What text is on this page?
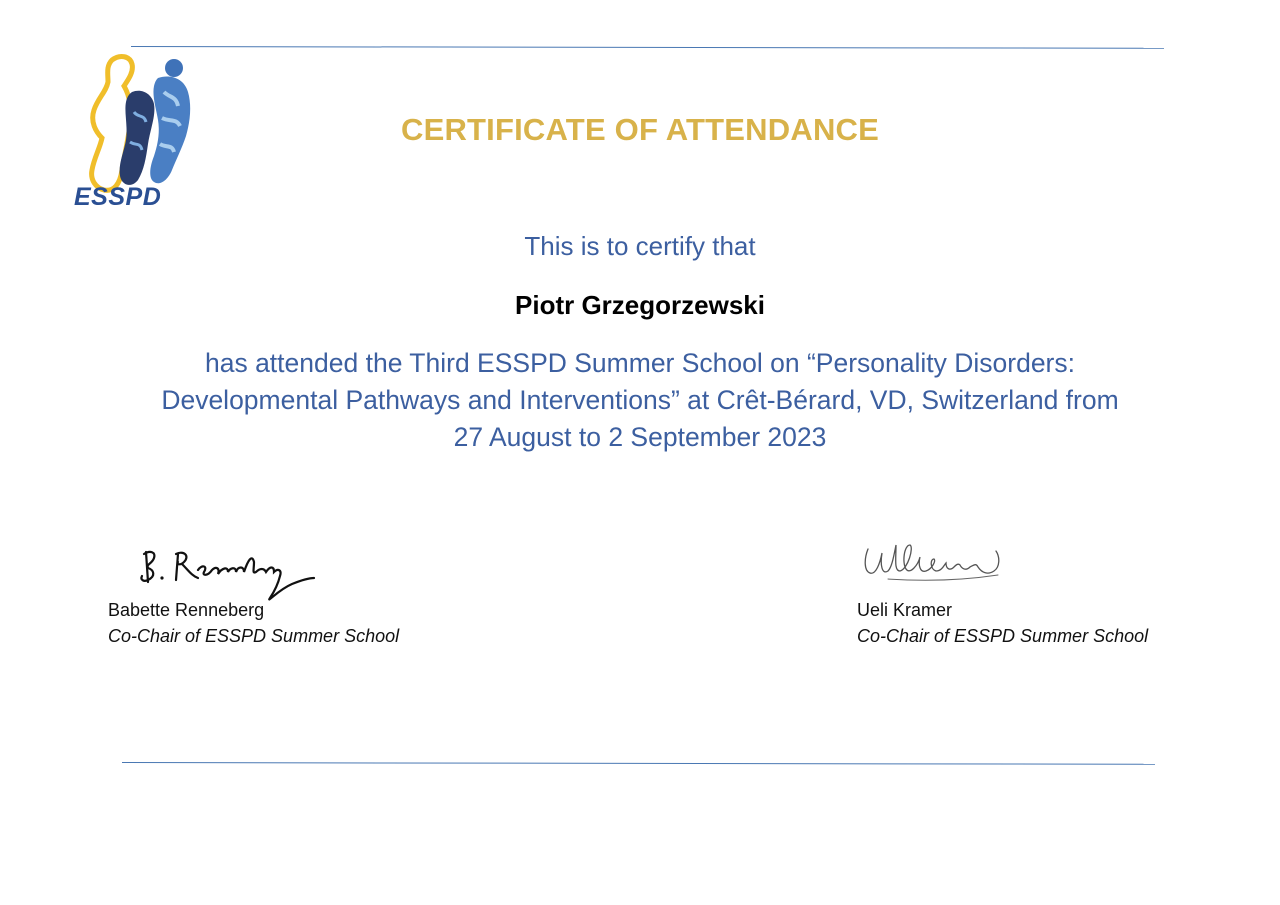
ESSPD
CERTIFICATE OF ATTENDANCE
This is to certify that
Piotr Grzegorzewski
has attended the Third ESSPD Summer School on “Personality Disorders:
Developmental Pathways and Interventions” at Crêt-Bérard, VD, Switzerland from
27 August to 2 September 2023
Babette Renneberg
Co-Chair of ESSPD Summer School
Ueli Kramer
Co-Chair of ESSPD Summer School
